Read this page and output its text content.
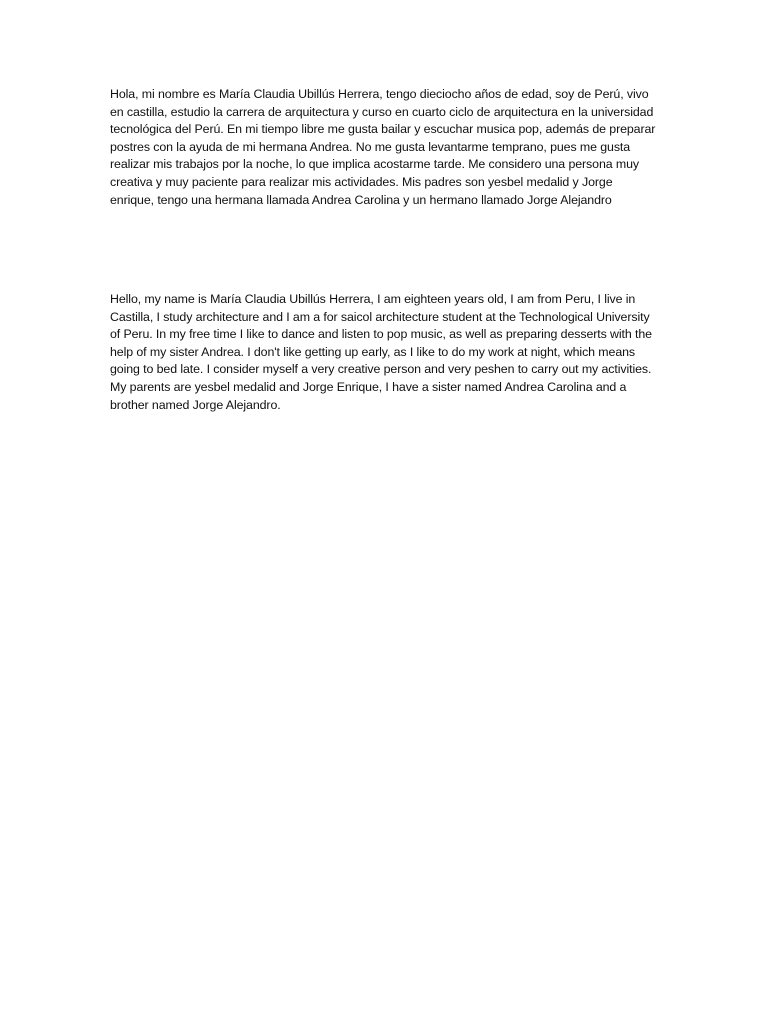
Hola, mi nombre es María Claudia Ubillús Herrera, tengo dieciocho años de edad, soy de Perú, vivo en castilla, estudio la carrera de arquitectura y curso en cuarto ciclo de arquitectura en la universidad tecnológica del Perú. En mi tiempo libre me gusta bailar y escuchar musica pop, además de preparar postres con la ayuda de mi hermana Andrea. No me gusta levantarme temprano, pues me gusta realizar mis trabajos por la noche, lo que implica acostarme tarde. Me considero una persona muy creativa y muy paciente para realizar mis actividades. Mis padres son yesbel medalid y Jorge enrique, tengo una hermana llamada Andrea Carolina y un hermano llamado Jorge Alejandro

Hello, my name is María Claudia Ubillús Herrera, I am eighteen years old, I am from Peru, I live in Castilla, I study architecture and I am a for saicol architecture student at the Technological University of Peru. In my free time I like to dance and listen to pop music, as well as preparing desserts with the help of my sister Andrea. I don't like getting up early, as I like to do my work at night, which means going to bed late. I consider myself a very creative person and very peshen to carry out my activities. My parents are yesbel medalid and Jorge Enrique, I have a sister named Andrea Carolina and a brother named Jorge Alejandro.
